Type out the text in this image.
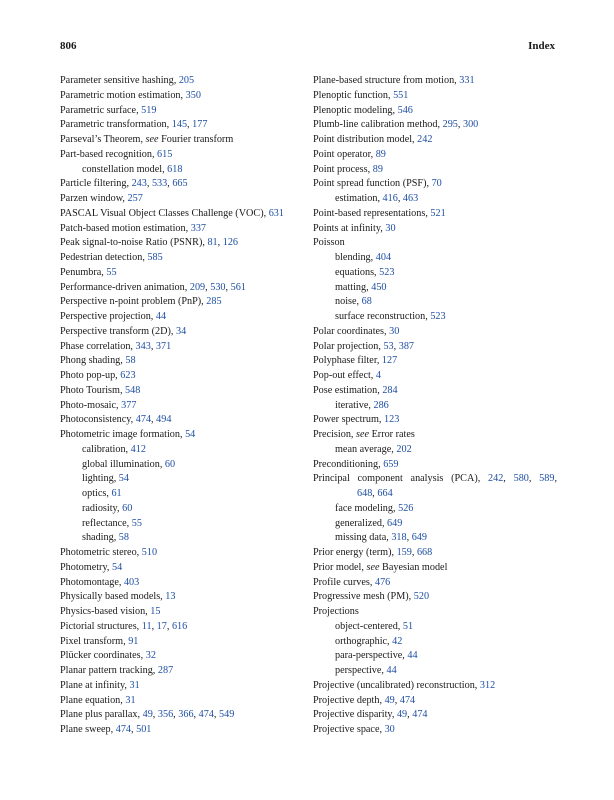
806	Index
Parameter sensitive hashing, 205
Parametric motion estimation, 350
Parametric surface, 519
Parametric transformation, 145, 177
Parseval’s Theorem, see Fourier transform
Part-based recognition, 615
constellation model, 618
Particle filtering, 243, 533, 665
Parzen window, 257
PASCAL Visual Object Classes Challenge (VOC), 631
Patch-based motion estimation, 337
Peak signal-to-noise Ratio (PSNR), 81, 126
Pedestrian detection, 585
Penumbra, 55
Performance-driven animation, 209, 530, 561
Perspective n-point problem (PnP), 285
Perspective projection, 44
Perspective transform (2D), 34
Phase correlation, 343, 371
Phong shading, 58
Photo pop-up, 623
Photo Tourism, 548
Photo-mosaic, 377
Photoconsistency, 474, 494
Photometric image formation, 54
calibration, 412
global illumination, 60
lighting, 54
optics, 61
radiosity, 60
reflectance, 55
shading, 58
Photometric stereo, 510
Photometry, 54
Photomontage, 403
Physically based models, 13
Physics-based vision, 15
Pictorial structures, 11, 17, 616
Pixel transform, 91
Plücker coordinates, 32
Planar pattern tracking, 287
Plane at infinity, 31
Plane equation, 31
Plane plus parallax, 49, 356, 366, 474, 549
Plane sweep, 474, 501
Plane-based structure from motion, 331
Plenoptic function, 551
Plenoptic modeling, 546
Plumb-line calibration method, 295, 300
Point distribution model, 242
Point operator, 89
Point process, 89
Point spread function (PSF), 70
estimation, 416, 463
Point-based representations, 521
Points at infinity, 30
Poisson
blending, 404
equations, 523
matting, 450
noise, 68
surface reconstruction, 523
Polar coordinates, 30
Polar projection, 53, 387
Polyphase filter, 127
Pop-out effect, 4
Pose estimation, 284
iterative, 286
Power spectrum, 123
Precision, see Error rates
mean average, 202
Preconditioning, 659
Principal component analysis (PCA), 242, 580, 589,
648, 664
face modeling, 526
generalized, 649
missing data, 318, 649
Prior energy (term), 159, 668
Prior model, see Bayesian model
Profile curves, 476
Progressive mesh (PM), 520
Projections
object-centered, 51
orthographic, 42
para-perspective, 44
perspective, 44
Projective (uncalibrated) reconstruction, 312
Projective depth, 49, 474
Projective disparity, 49, 474
Projective space, 30
